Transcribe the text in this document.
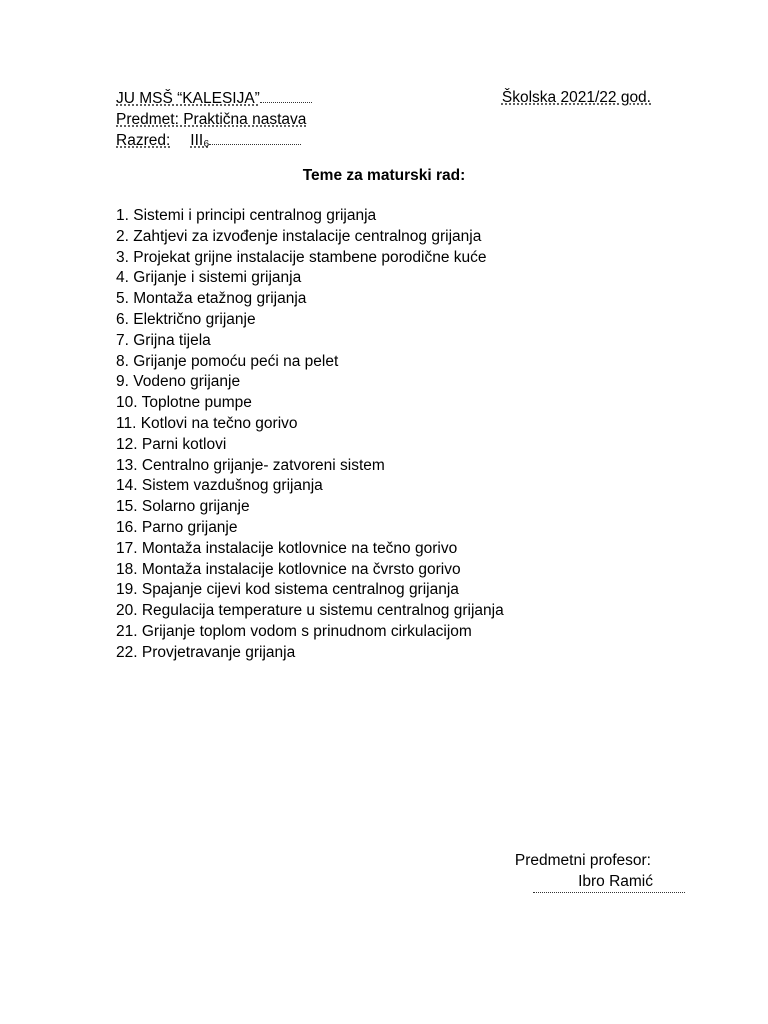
JU MSŠ “KALESIJA”	Školska 2021/22 god.
Predmet: Praktična nastava
Razred: III₆
Teme za maturski rad:
1. Sistemi i principi centralnog grijanja
2. Zahtjevi za izvođenje instalacije centralnog grijanja
3. Projekat grijne instalacije stambene porodične kuće
4. Grijanje i sistemi grijanja
5. Montaža etažnog grijanja
6. Električno grijanje
7. Grijna tijela
8. Grijanje pomoću peći na pelet
9. Vodeno grijanje
10. Toplotne pumpe
11. Kotlovi na tečno gorivo
12. Parni kotlovi
13. Centralno grijanje- zatvoreni sistem
14. Sistem vazdušnog grijanja
15. Solarno grijanje
16. Parno grijanje
17. Montaža instalacije kotlovnice na tečno gorivo
18. Montaža instalacije kotlovnice na čvrsto gorivo
19. Spajanje cijevi kod sistema centralnog grijanja
20. Regulacija temperature u sistemu centralnog grijanja
21. Grijanje toplom vodom s prinudnom cirkulacijom
22. Provjetravanje grijanja
Predmetni profesor:
Ibro Ramić
